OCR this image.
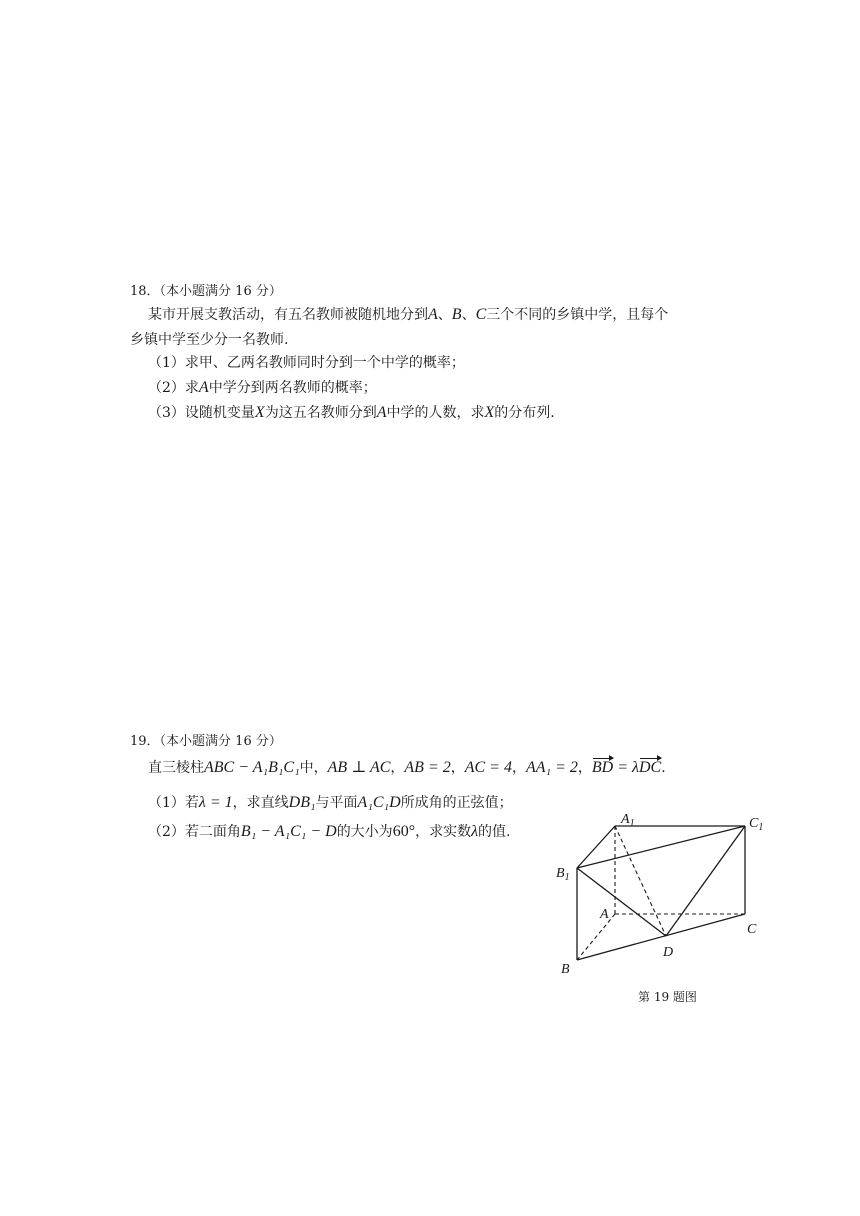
18．（本小题满分 16 分）
某市开展支教活动，有五名教师被随机地分到A、B、C三个不同的乡镇中学，且每个
乡镇中学至少分一名教师.
（1）求甲、乙两名教师同时分到一个中学的概率；
（2）求A中学分到两名教师的概率；
（3）设随机变量X为这五名教师分到A中学的人数，求X的分布列.
19．（本小题满分 16 分）
直三棱柱ABC − A₁B₁C₁中，AB ⊥ AC，AB = 2，AC = 4，AA₁ = 2，BD = λDC.
（1）若λ = 1，求直线DB₁与平面A₁C₁D所成角的正弦值；
（2）若二面角B₁ − A₁C₁ − D的大小为60°，求实数λ的值.
$A_1$	$C_1$
$B_1$
A
C
D
B
第 19 题图
